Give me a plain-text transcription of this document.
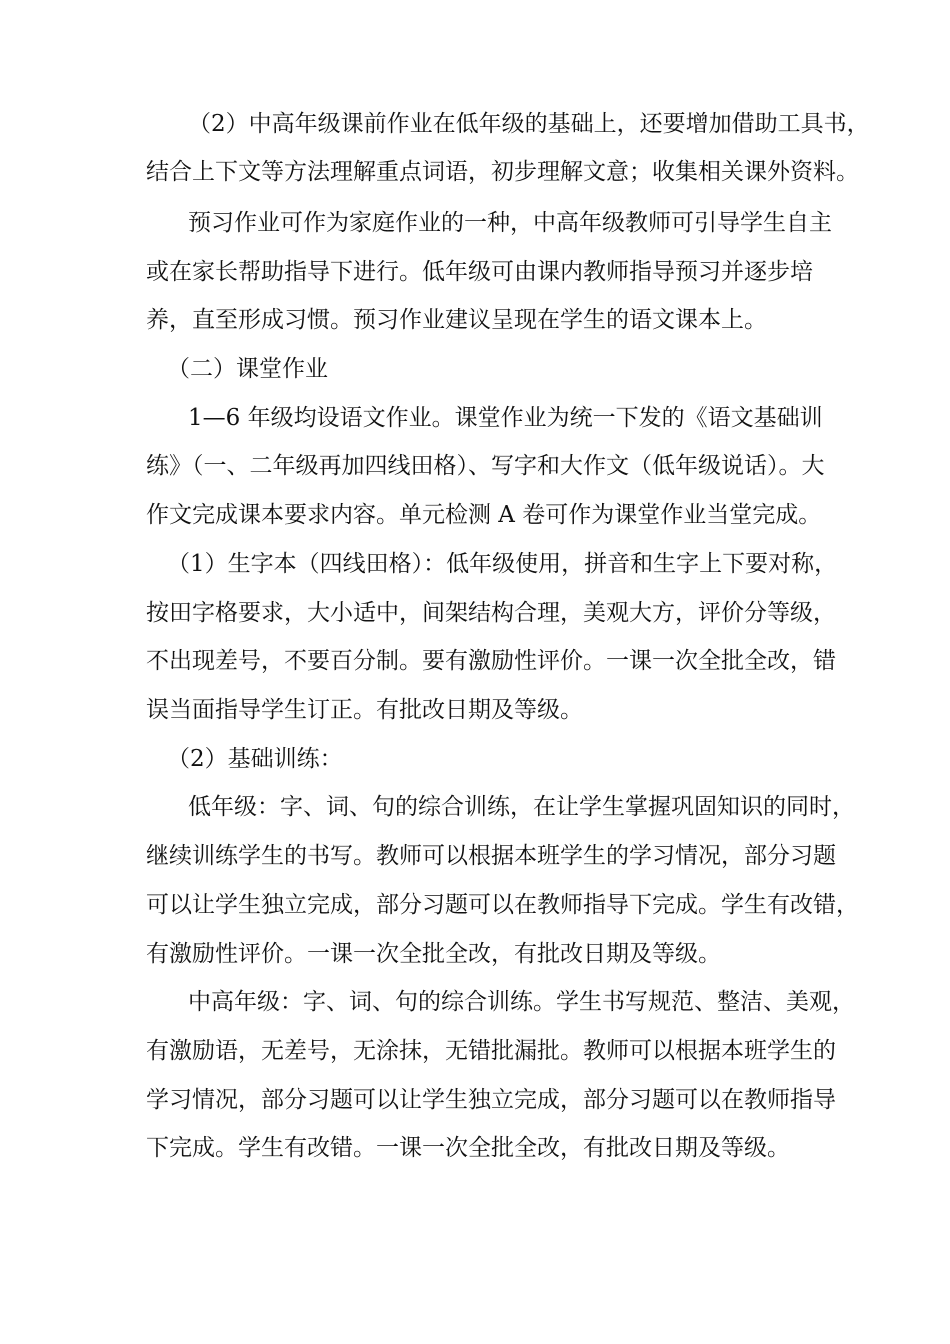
（2）中高年级课前作业在低年级的基础上，还要增加借助工具书，

结合上下文等方法理解重点词语，初步理解文意；收集相关课外资料。

预习作业可作为家庭作业的一种，中高年级教师可引导学生自主

或在家长帮助指导下进行。低年级可由课内教师指导预习并逐步培

养，直至形成习惯。预习作业建议呈现在学生的语文课本上。

（二）课堂作业

1—6 年级均设语文作业。课堂作业为统一下发的《语文基础训

练》（一、二年级再加四线田格）、写字和大作文（低年级说话）。大

作文完成课本要求内容。单元检测 A 卷可作为课堂作业当堂完成。

（1）生字本（四线田格）：低年级使用，拼音和生字上下要对称，

按田字格要求，大小适中，间架结构合理，美观大方，评价分等级，

不出现差号，不要百分制。要有激励性评价。一课一次全批全改，错

误当面指导学生订正。有批改日期及等级。

（2）基础训练：

低年级：字、词、句的综合训练，在让学生掌握巩固知识的同时，

继续训练学生的书写。教师可以根据本班学生的学习情况，部分习题

可以让学生独立完成，部分习题可以在教师指导下完成。学生有改错，

有激励性评价。一课一次全批全改，有批改日期及等级。

中高年级：字、词、句的综合训练。学生书写规范、整洁、美观，

有激励语，无差号，无涂抹，无错批漏批。教师可以根据本班学生的

学习情况，部分习题可以让学生独立完成，部分习题可以在教师指导

下完成。学生有改错。一课一次全批全改，有批改日期及等级。
